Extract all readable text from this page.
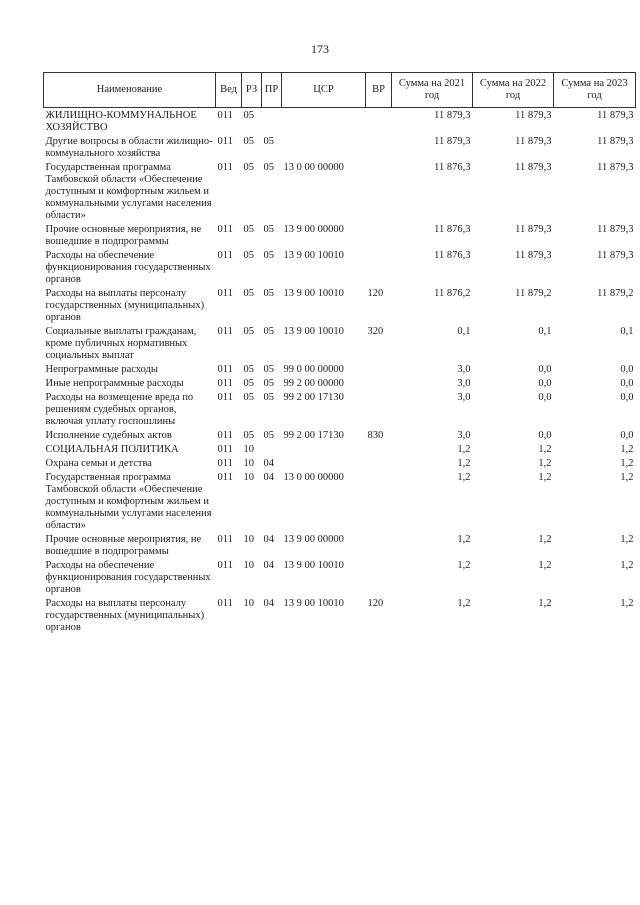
173
Наименование	Вед	РЗ	ПР	ЦСР	ВР	Сумма на 2021 год	Сумма на 2022 год	Сумма на 2023 год
ЖИЛИЩНО-КОММУНАЛЬНОЕ ХОЗЯЙСТВО	011	05				11 879,3	11 879,3	11 879,3
Другие вопросы в области жилищно-коммунального хозяйства	011	05	05			11 879,3	11 879,3	11 879,3
Государственная программа Тамбовской области «Обеспечение доступным и комфортным жильем и коммунальными услугами населения области»	011	05	05	13 0 00 00000		11 876,3	11 879,3	11 879,3
Прочие основные мероприятия, не вошедшие в подпрограммы	011	05	05	13 9 00 00000		11 876,3	11 879,3	11 879,3
Расходы на обеспечение функционирования государственных органов	011	05	05	13 9 00 10010		11 876,3	11 879,3	11 879,3
Расходы на выплаты персоналу государственных (муниципальных) органов	011	05	05	13 9 00 10010	120	11 876,2	11 879,2	11 879,2
Социальные выплаты гражданам, кроме публичных нормативных социальных выплат	011	05	05	13 9 00 10010	320	0,1	0,1	0,1
Непрограммные расходы	011	05	05	99 0 00 00000		3,0	0,0	0,0
Иные непрограммные расходы	011	05	05	99 2 00 00000		3,0	0,0	0,0
Расходы на возмещение вреда по решениям судебных органов, включая уплату госпошлины	011	05	05	99 2 00 17130		3,0	0,0	0,0
Исполнение судебных актов	011	05	05	99 2 00 17130	830	3,0	0,0	0,0
СОЦИАЛЬНАЯ ПОЛИТИКА	011	10				1,2	1,2	1,2
Охрана семьи и детства	011	10	04			1,2	1,2	1,2
Государственная программа Тамбовской области «Обеспечение доступным и комфортным жильем и коммунальными услугами населения области»	011	10	04	13 0 00 00000		1,2	1,2	1,2
Прочие основные мероприятия, не вошедшие в подпрограммы	011	10	04	13 9 00 00000		1,2	1,2	1,2
Расходы на обеспечение функционирования государственных органов	011	10	04	13 9 00 10010		1,2	1,2	1,2
Расходы на выплаты персоналу государственных (муниципальных) органов	011	10	04	13 9 00 10010	120	1,2	1,2	1,2
